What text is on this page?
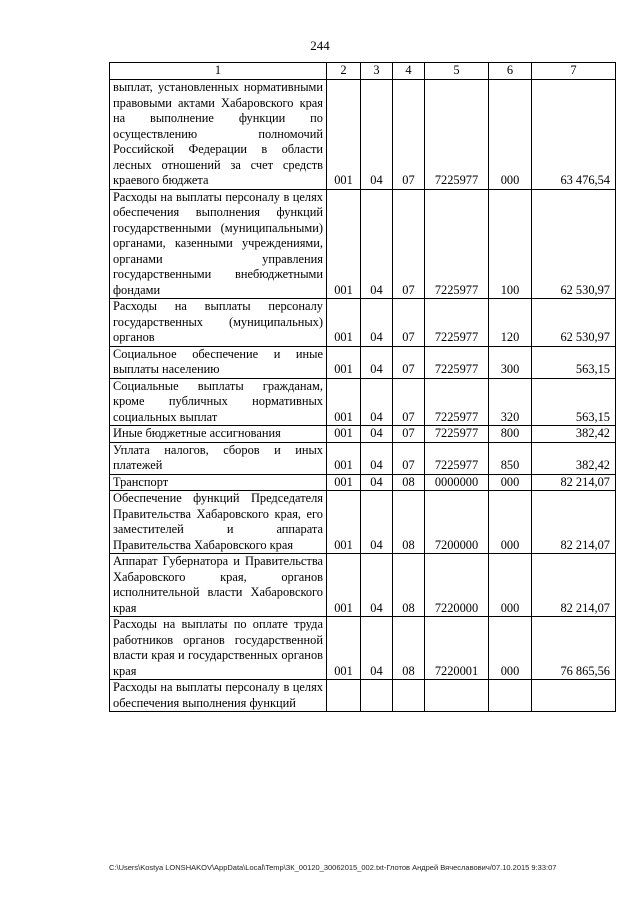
244
1	2	3	4	5	6	7
выплат, установленных нормативными правовыми актами Хабаровского края на выполнение функции по осуществлению полномочий Российской Федерации в области лесных отношений за счет средств краевого бюджета	001	04	07	7225977	000	63 476,54
Расходы на выплаты персоналу в целях обеспечения выполнения функций государственными (муниципальными) органами, казенными учреждениями, органами управления государственными внебюджетными фондами	001	04	07	7225977	100	62 530,97
Расходы на выплаты персоналу государственных (муниципальных) органов	001	04	07	7225977	120	62 530,97
Социальное обеспечение и иные выплаты населению	001	04	07	7225977	300	563,15
Социальные выплаты гражданам, кроме публичных нормативных социальных выплат	001	04	07	7225977	320	563,15
Иные бюджетные ассигнования	001	04	07	7225977	800	382,42
Уплата налогов, сборов и иных платежей	001	04	07	7225977	850	382,42
Транспорт	001	04	08	0000000	000	82 214,07
Обеспечение функций Председателя Правительства Хабаровского края, его заместителей и аппарата Правительства Хабаровского края	001	04	08	7200000	000	82 214,07
Аппарат Губернатора и Правительства Хабаровского края, органов исполнительной власти Хабаровского края	001	04	08	7220000	000	82 214,07
Расходы на выплаты по оплате труда работников органов государственной власти края и государственных органов края	001	04	08	7220001	000	76 865,56
Расходы на выплаты персоналу в целях обеспечения выполнения функций						
C:\Users\Kostya LONSHAKOV\AppData\Local\Temp\ЗК_00120_30062015_002.txt-Глотов Андрей Вячеславович/07.10.2015 9:33:07
